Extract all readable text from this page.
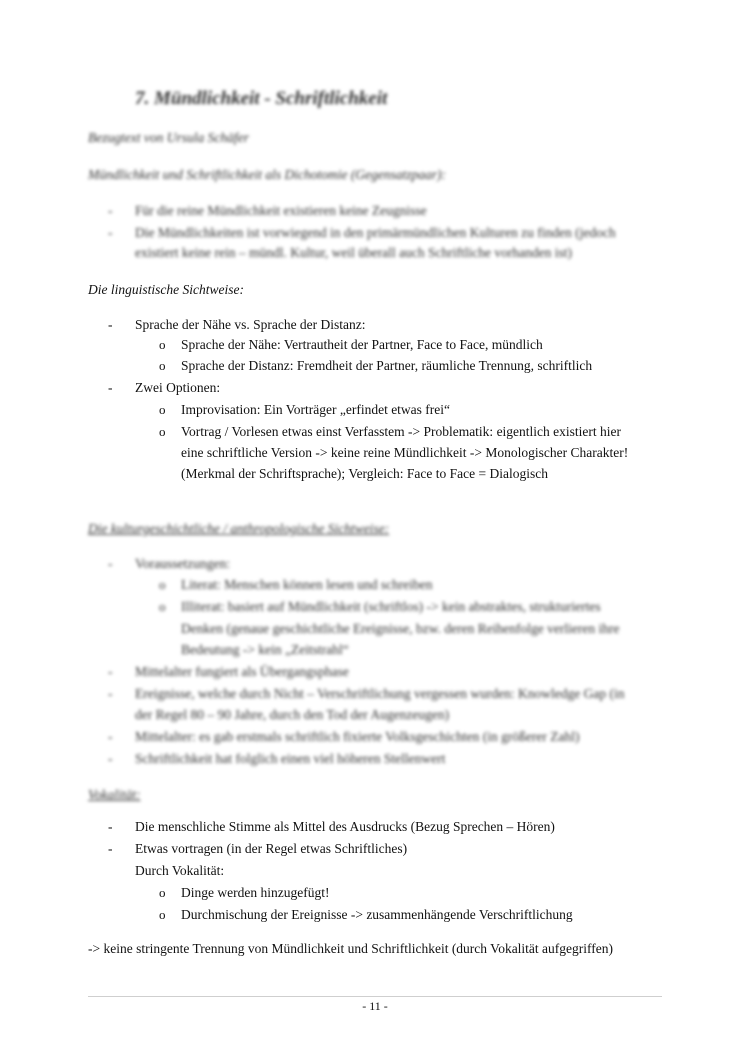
7. Mündlichkeit - Schriftlichkeit
Bezugtext von Ursula Schäfer
Mündlichkeit und Schriftlichkeit als Dichotomie (Gegensatzpaar):
- Für die reine Mündlichkeit existieren keine Zeugnisse
- Die Mündlichkeiten ist vorwiegend in den primärmündlichen Kulturen zu finden (jedoch
existiert keine rein – mündl. Kultur, weil überall auch Schriftliche vorhanden ist)
Die linguistische Sichtweise:
- Sprache der Nähe vs. Sprache der Distanz:
o Sprache der Nähe: Vertrautheit der Partner, Face to Face, mündlich
o Sprache der Distanz: Fremdheit der Partner, räumliche Trennung, schriftlich
- Zwei Optionen:
o Improvisation: Ein Vorträger „erfindet etwas frei“
o Vortrag / Vorlesen etwas einst Verfasstem -> Problematik: eigentlich existiert hier
eine schriftliche Version -> keine reine Mündlichkeit -> Monologischer Charakter!
(Merkmal der Schriftsprache); Vergleich: Face to Face = Dialogisch
Die kulturgeschichtliche / anthropologische Sichtweise:
- Voraussetzungen:
o Literat: Menschen können lesen und schreiben
o Illiterat: basiert auf Mündlichkeit (schriftlos) -> kein abstraktes, strukturiertes
Denken (genaue geschichtliche Ereignisse, bzw. deren Reihenfolge verlieren ihre
Bedeutung -> kein „Zeitstrahl“
- Mittelalter fungiert als Übergangsphase
- Ereignisse, welche durch Nicht – Verschriftlichung vergessen wurden: Knowledge Gap (in
der Regel 80 – 90 Jahre, durch den Tod der Augenzeugen)
- Mittelalter: es gab erstmals schriftlich fixierte Volksgeschichten (in größerer Zahl)
- Schriftlichkeit hat folglich einen viel höheren Stellenwert
Vokalität:
- Die menschliche Stimme als Mittel des Ausdrucks (Bezug Sprechen – Hören)
- Etwas vortragen (in der Regel etwas Schriftliches)
Durch Vokalität:
o Dinge werden hinzugefügt!
o Durchmischung der Ereignisse -> zusammenhängende Verschriftlichung
-> keine stringente Trennung von Mündlichkeit und Schriftlichkeit (durch Vokalität aufgegriffen)
- 11 -
